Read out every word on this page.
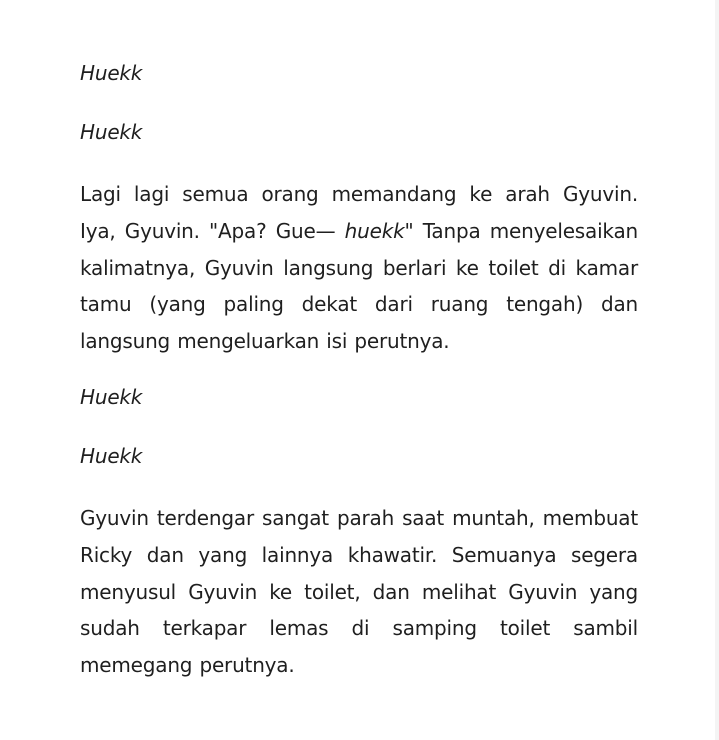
Huekk

Huekk

Lagi lagi semua orang memandang ke arah Gyuvin. Iya, Gyuvin. "Apa? Gue— huekk" Tanpa menyelesaikan kalimatnya, Gyuvin langsung berlari ke toilet di kamar tamu (yang paling dekat dari ruang tengah) dan langsung mengeluarkan isi perutnya.

Huekk

Huekk

Gyuvin terdengar sangat parah saat muntah, membuat Ricky dan yang lainnya khawatir. Semuanya segera menyusul Gyuvin ke toilet, dan melihat Gyuvin yang sudah terkapar lemas di samping toilet sambil memegang perutnya.
